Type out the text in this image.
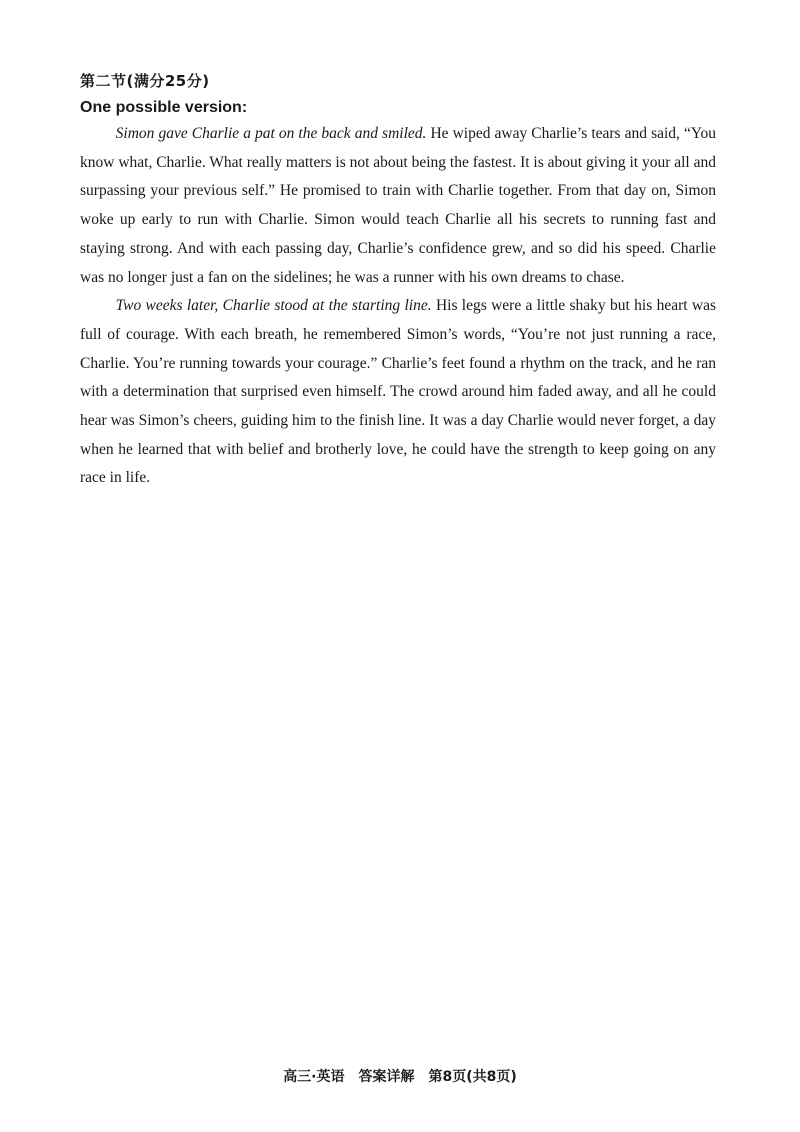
第二节(满分25分)

One possible version:

Simon gave Charlie a pat on the back and smiled. He wiped away Charlie’s tears and said, “You know what, Charlie. What really matters is not about being the fastest. It is about giving it your all and surpassing your previous self.” He promised to train with Charlie together. From that day on, Simon woke up early to run with Charlie. Simon would teach Charlie all his secrets to running fast and staying strong. And with each passing day, Charlie’s confidence grew, and so did his speed. Charlie was no longer just a fan on the sidelines; he was a runner with his own dreams to chase.

Two weeks later, Charlie stood at the starting line. His legs were a little shaky but his heart was full of courage. With each breath, he remembered Simon’s words, “You’re not just running a race, Charlie. You’re running towards your courage.” Charlie’s feet found a rhythm on the track, and he ran with a determination that surprised even himself. The crowd around him faded away, and all he could hear was Simon’s cheers, guiding him to the finish line. It was a day Charlie would never forget, a day when he learned that with belief and brotherly love, he could have the strength to keep going on any race in life.

高三·英语　答案详解　第8页(共8页)
